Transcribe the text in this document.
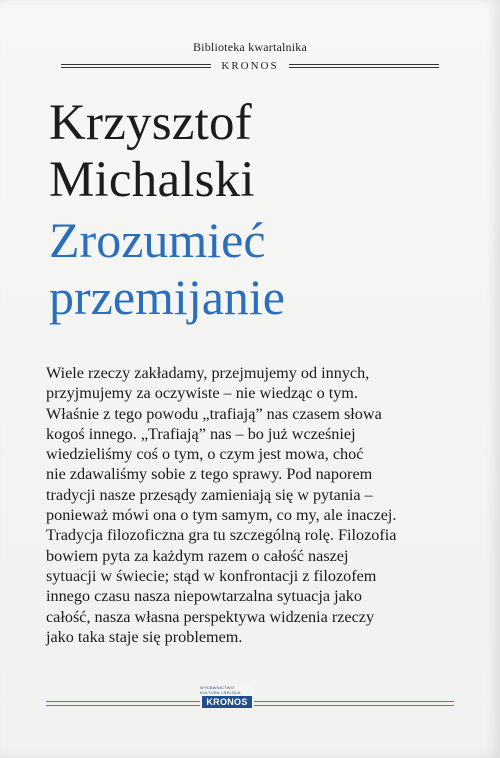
Biblioteka kwartalnika
KRONOS
Krzysztof
Michalski
Zrozumieć
przemijanie
Wiele rzeczy zakładamy, przejmujemy od innych,
przyjmujemy za oczywiste – nie wiedząc o tym.
Właśnie z tego powodu „trafiają” nas czasem słowa
kogoś innego. „Trafiają” nas – bo już wcześniej
wiedzieliśmy coś o tym, o czym jest mowa, choć
nie zdawaliśmy sobie z tego sprawy. Pod naporem
tradycji nasze przesądy zamieniają się w pytania –
ponieważ mówi ona o tym samym, co my, ale inaczej.
Tradycja filozoficzna gra tu szczególną rolę. Filozofia
bowiem pyta za każdym razem o całość naszej
sytuacji w świecie; stąd w konfrontacji z filozofem
innego czasu nasza niepowtarzalna sytuacja jako
całość, nasza własna perspektywa widzenia rzeczy
jako taka staje się problemem.
WYDAWNICTWO KULTURA I RELIGIA
KRONOS
